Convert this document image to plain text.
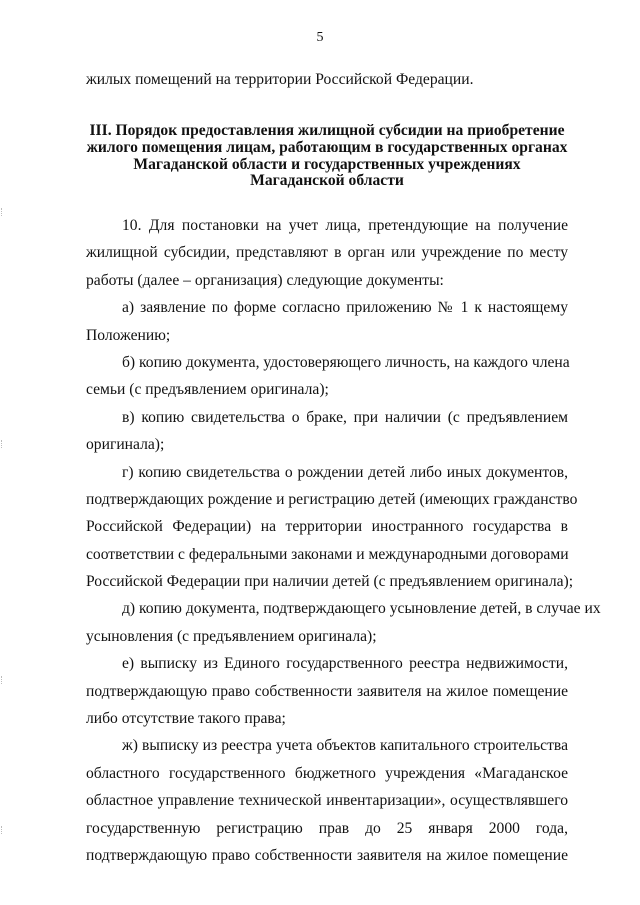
5
жилых помещений на территории Российской Федерации.
III. Порядок предоставления жилищной субсидии на приобретение
жилого помещения лицам, работающим в государственных органах
Магаданской области и государственных учреждениях
Магаданской области
10. Для постановки на учет лица, претендующие на получение
жилищной субсидии, представляют в орган или учреждение по месту
работы (далее – организация) следующие документы:
а) заявление по форме согласно приложению № 1 к настоящему
Положению;
б) копию документа, удостоверяющего личность, на каждого члена
семьи (с предъявлением оригинала);
в) копию свидетельства о браке, при наличии (с предъявлением
оригинала);
г) копию свидетельства о рождении детей либо иных документов,
подтверждающих рождение и регистрацию детей (имеющих гражданство
Российской Федерации) на территории иностранного государства в
соответствии с федеральными законами и международными договорами
Российской Федерации при наличии детей (с предъявлением оригинала);
д) копию документа, подтверждающего усыновление детей, в случае их
усыновления (с предъявлением оригинала);
е) выписку из Единого государственного реестра недвижимости,
подтверждающую право собственности заявителя на жилое помещение
либо отсутствие такого права;
ж) выписку из реестра учета объектов капитального строительства
областного государственного бюджетного учреждения «Магаданское
областное управление технической инвентаризации», осуществлявшего
государственную регистрацию прав до 25 января 2000 года,
подтверждающую право собственности заявителя на жилое помещение
